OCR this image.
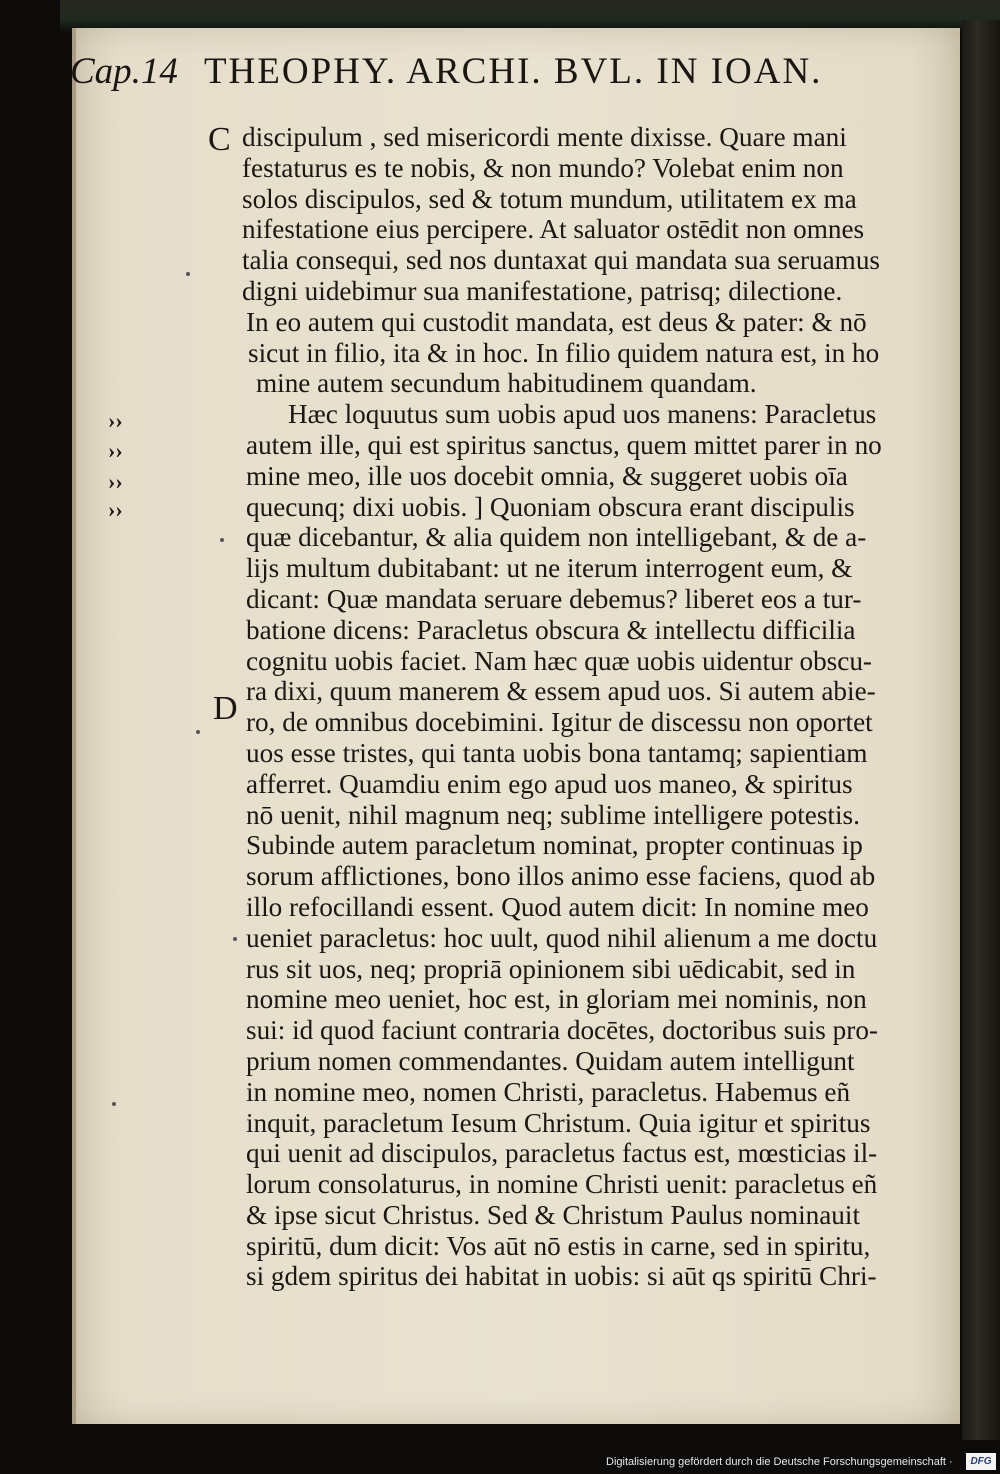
Cap.14 THEOPHY. ARCHI. BVL. IN IOAN.
C
D
››
››
››
››
discipulum , sed misericordi mente dixisse. Quare mani
festaturus es te nobis, & non mundo? Volebat enim non
solos discipulos, sed & totum mundum, utilitatem ex ma
nifestatione eius percipere. At saluator ostēdit non omnes
talia consequi, sed nos duntaxat qui mandata sua seruamus
digni uidebimur sua manifestatione, patrisq; dilectione.
In eo autem qui custodit mandata, est deus & pater: & nō
sicut in filio, ita & in hoc. In filio quidem natura est, in ho
mine autem secundum habitudinem quandam.
Hæc loquutus sum uobis apud uos manens: Paracletus
autem ille, qui est spiritus sanctus, quem mittet parer in no
mine meo, ille uos docebit omnia, & suggeret uobis oīa
quecunq; dixi uobis. ] Quoniam obscura erant discipulis
quæ dicebantur, & alia quidem non intelligebant, & de a-
lijs multum dubitabant: ut ne iterum interrogent eum, &
dicant: Quæ mandata seruare debemus? liberet eos a tur-
batione dicens: Paracletus obscura & intellectu difficilia
cognitu uobis faciet. Nam hæc quæ uobis uidentur obscu-
ra dixi, quum manerem & essem apud uos. Si autem abie-
ro, de omnibus docebimini. Igitur de discessu non oportet
uos esse tristes, qui tanta uobis bona tantamq; sapientiam
afferret. Quamdiu enim ego apud uos maneo, & spiritus
nō uenit, nihil magnum neq; sublime intelligere potestis.
Subinde autem paracletum nominat, propter continuas ip
sorum afflictiones, bono illos animo esse faciens, quod ab
illo refocillandi essent. Quod autem dicit: In nomine meo
ueniet paracletus: hoc uult, quod nihil alienum a me doctu
rus sit uos, neq; propriā opinionem sibi uēdicabit, sed in
nomine meo ueniet, hoc est, in gloriam mei nominis, non
sui: id quod faciunt contraria docētes, doctoribus suis pro-
prium nomen commendantes. Quidam autem intelligunt
in nomine meo, nomen Christi, paracletus. Habemus eñ
inquit, paracletum Iesum Christum. Quia igitur et spiritus
qui uenit ad discipulos, paracletus factus est, mœsticias il-
lorum consolaturus, in nomine Christi uenit: paracletus eñ
& ipse sicut Christus. Sed & Christum Paulus nominauit
spiritū, dum dicit: Vos aūt nō estis in carne, sed in spiritu,
si gdem spiritus dei habitat in uobis: si aūt qs spiritū Chri-
Digitalisierung gefördert durch die Deutsche Forschungsgemeinschaft ·	DFG
